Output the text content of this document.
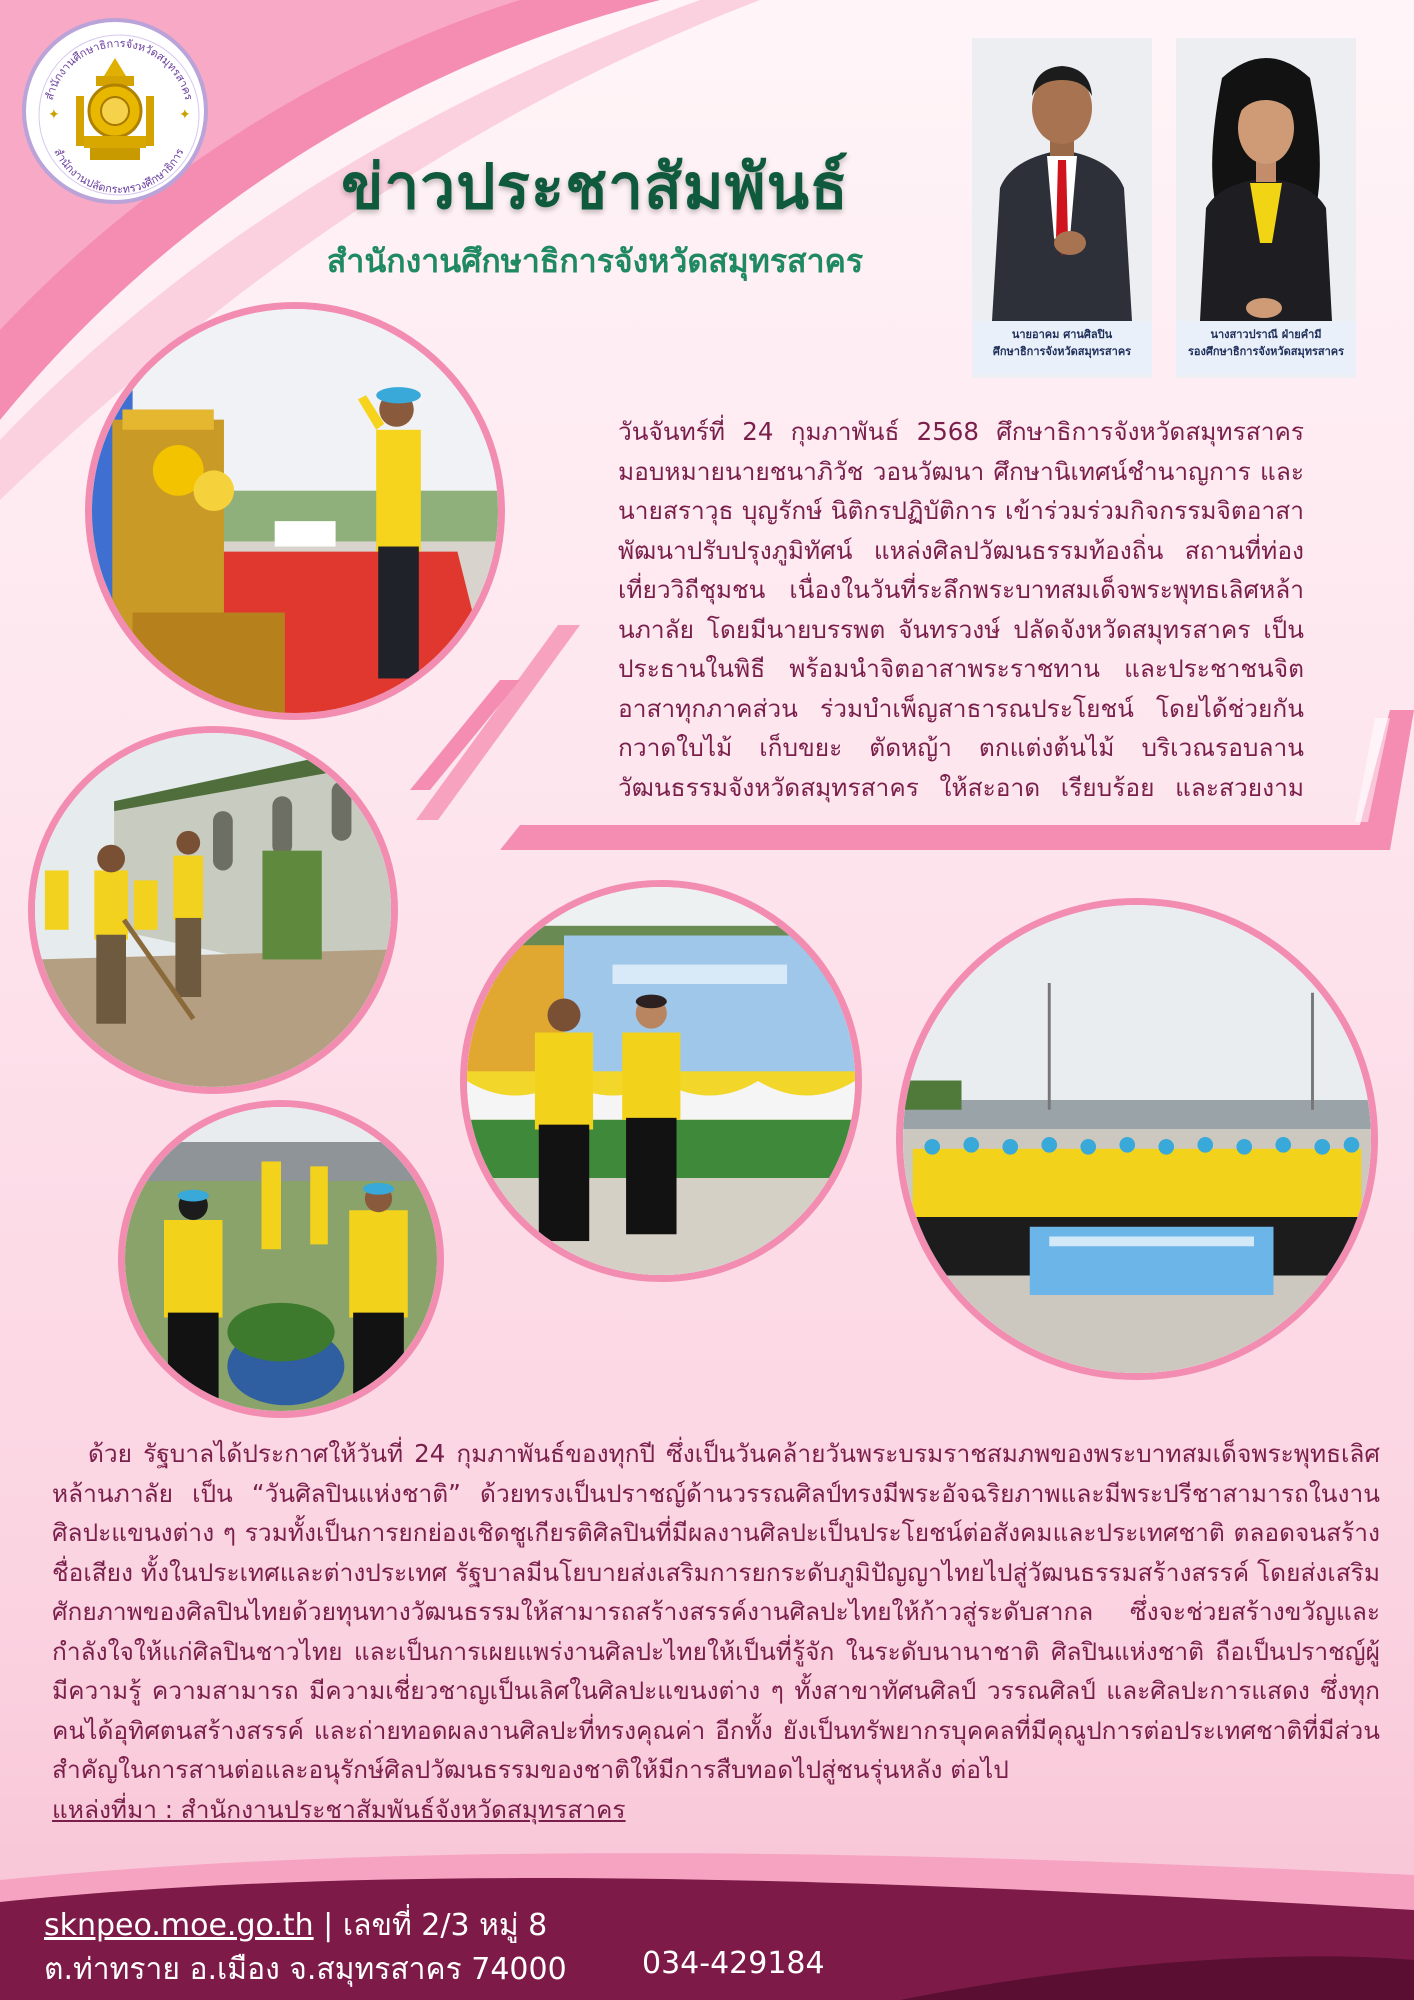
สำนักงานศึกษาธิการจังหวัดสมุทรสาคร
สำนักงานปลัดกระทรวงศึกษาธิการ
✦	✦
ข่าวประชาสัมพันธ์
สำนักงานศึกษาธิการจังหวัดสมุทรสาคร
นายอาคม ศานศิลปิน
ศึกษาธิการจังหวัดสมุทรสาคร
นางสาวปราณี ฝ่ายคำมี
รองศึกษาธิการจังหวัดสมุทรสาคร
วันจันทร์ที่ 24 กุมภาพันธ์ 2568 ศึกษาธิการจังหวัดสมุทรสาคร มอบหมายนายชนาภิวัช วอนวัฒนา ศึกษานิเทศน์ชำนาญการ และนายสราวุธ บุญรักษ์ นิติกรปฏิบัติการ เข้าร่วมร่วมกิจกรรมจิตอาสาพัฒนาปรับปรุงภูมิทัศน์ แหล่งศิลปวัฒนธรรมท้องถิ่น สถานที่ท่องเที่ยววิถีชุมชน เนื่องในวันที่ระลึกพระบาทสมเด็จพระพุทธเลิศหล้านภาลัย โดยมีนายบรรพต จันทรวงษ์ ปลัดจังหวัดสมุทรสาคร เป็นประธานในพิธี พร้อมนำจิตอาสาพระราชทาน และประชาชนจิตอาสาทุกภาคส่วน ร่วมบำเพ็ญสาธารณประโยชน์ โดยได้ช่วยกันกวาดใบไม้ เก็บขยะ ตัดหญ้า ตกแต่งต้นไม้ บริเวณรอบลานวัฒนธรรมจังหวัดสมุทรสาคร ให้สะอาด เรียบร้อย และสวยงาม
ด้วย รัฐบาลได้ประกาศให้วันที่ 24 กุมภาพันธ์ของทุกปี ซึ่งเป็นวันคล้ายวันพระบรมราชสมภพของพระบาทสมเด็จพระพุทธเลิศหล้านภาลัย เป็น “วันศิลปินแห่งชาติ” ด้วยทรงเป็นปราชญ์ด้านวรรณศิลป์ทรงมีพระอัจฉริยภาพและมีพระปรีชาสามารถในงานศิลปะแขนงต่าง ๆ รวมทั้งเป็นการยกย่องเชิดชูเกียรติศิลปินที่มีผลงานศิลปะเป็นประโยชน์ต่อสังคมและประเทศชาติ ตลอดจนสร้างชื่อเสียง ทั้งในประเทศและต่างประเทศ รัฐบาลมีนโยบายส่งเสริมการยกระดับภูมิปัญญาไทยไปสู่วัฒนธรรมสร้างสรรค์ โดยส่งเสริมศักยภาพของศิลปินไทยด้วยทุนทางวัฒนธรรมให้สามารถสร้างสรรค์งานศิลปะไทยให้ก้าวสู่ระดับสากล ซึ่งจะช่วยสร้างขวัญและกำลังใจให้แก่ศิลปินชาวไทย และเป็นการเผยแพร่งานศิลปะไทยให้เป็นที่รู้จัก ในระดับนานาชาติ ศิลปินแห่งชาติ ถือเป็นปราชญ์ผู้มีความรู้ ความสามารถ มีความเชี่ยวชาญเป็นเลิศในศิลปะแขนงต่าง ๆ ทั้งสาขาทัศนศิลป์ วรรณศิลป์ และศิลปะการแสดง ซึ่งทุกคนได้อุทิศตนสร้างสรรค์ และถ่ายทอดผลงานศิลปะที่ทรงคุณค่า อีกทั้ง ยังเป็นทรัพยากรบุคคลที่มีคุณูปการต่อประเทศชาติที่มีส่วนสำคัญในการสานต่อและอนุรักษ์ศิลปวัฒนธรรมของชาติให้มีการสืบทอดไปสู่ชนรุ่นหลัง ต่อไป
แหล่งที่มา : สำนักงานประชาสัมพันธ์จังหวัดสมุทรสาคร
sknpeo.moe.go.th | เลขที่ 2/3 หมู่ 8
ต.ท่าทราย อ.เมือง จ.สมุทรสาคร 74000	034-429184
